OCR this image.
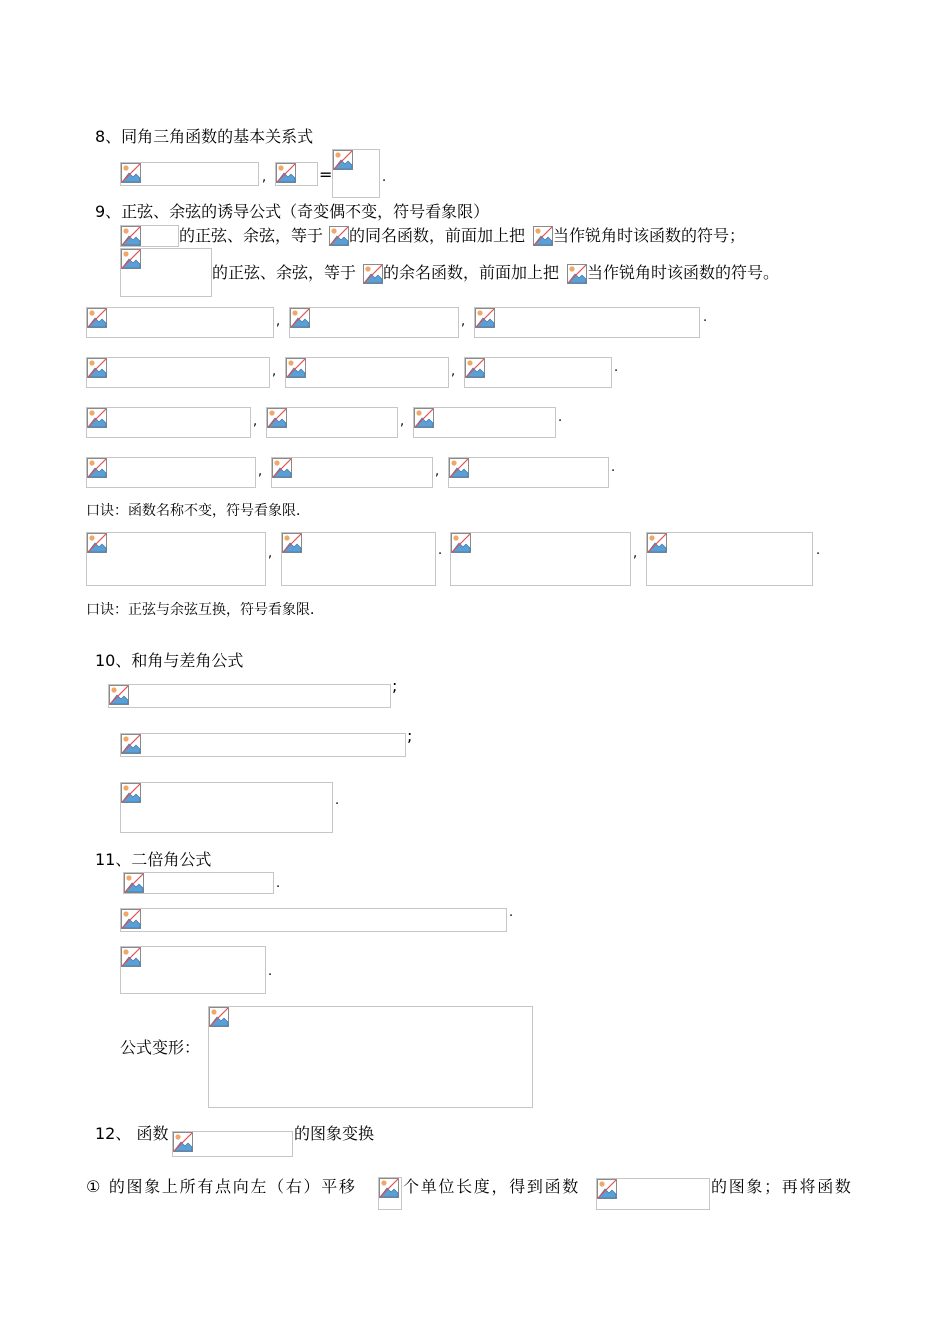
8、同角三角函数的基本关系式
,	=	.
9、正弦、余弦的诱导公式（奇变偶不变，符号看象限）
的正弦、余弦，等于 的同名函数，前面加上把 当作锐角时该函数的符号；
的正弦、余弦，等于 的余名函数，前面加上把 当作锐角时该函数的符号。
,	,	.
,	,	.
,	,	.
,	,	.
口诀：函数名称不变，符号看象限．
,	.	,	.
口诀：正弦与余弦互换，符号看象限．
10、和角与差角公式
;
;
.
11、二倍角公式
.
.
.
公式变形：
12、 函数	的图象变换
① 的图象上所有点向左（右）平移	个单位长度，得到函数	的图象；再将函数
